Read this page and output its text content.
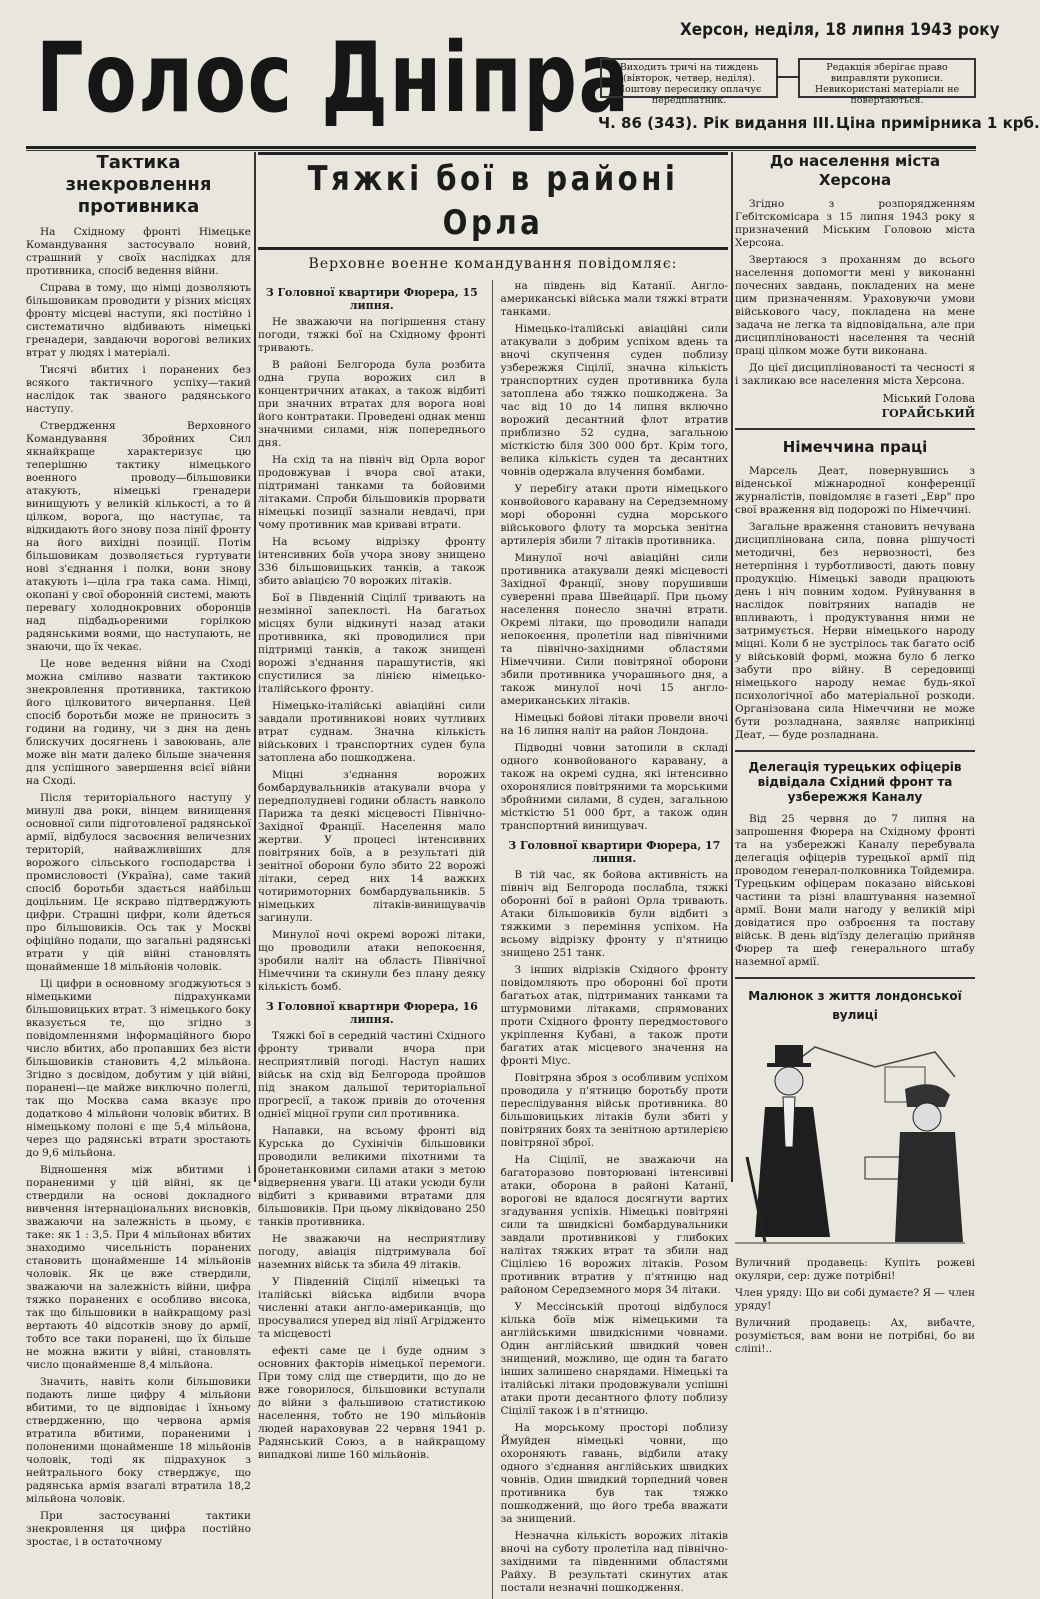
Голос Дніпра	Херсон, неділя, 18 липня 1943 року
Виходить тричі на тиждень (вівторок, четвер, неділя). Поштову пересилку оплачує передплатник.
Редакція зберігає право виправляти рукописи. Невикористані матеріали не повертаються.
Ч. 86 (343). Рік видання III. Ціна примірника 1 крб.
Тактика знекровлення противника

На Східному фронті Німецьке Командування застосувало новий, страшний у своїх наслідках для противника, спосіб ведення війни.

Справа в тому, що німці дозволяють більшовикам проводити у різних місцях фронту місцеві наступи, які постійно і систематично відбивають німецькі гренадери, завдаючи ворогові великих втрат у людях і матеріалі.

Тисячі вбитих і поранених без всякого тактичного успіху—такий наслідок так званого радянського наступу.

Ствердження Верховного Командування Збройних Сил якнайкраще характеризує цю теперішню тактику німецького военного проводу—більшовики атакують, німецькі гренадери винищують у великій кількості, а то й цілком, ворога, що наступає, та відкидають його знову поза лінії фронту на його вихідні позиції. Потім більшовикам дозволяється гуртувати нові з'єднання і полки, вони знову атакують і—ціла гра така сама. Німці, окопані у свої оборонній системі, мають перевагу холоднокровних оборонців над підбадьореними горілкою радянськими воями, що наступають, не знаючи, що їх чекає.

Це нове ведення війни на Сході можна сміливо назвати тактикою знекровлення противника, тактикою його цілковитого вичерпання. Цей спосіб боротьби може не приносить з години на годину, чи з дня на день блискучих досягнень і завоювань, але може він мати далеко більше значення для успішного завершення всієї війни на Сході.

Після територіального наступу у минулі два роки, вінцем винищення основної сили підготовленої радянської армії, відбулося засвоєння величезних територій, найважливіших для ворожого сільського господарства і промисловості (Україна), саме такий спосіб боротьби здається найбільш доцільним. Це яскраво підтверджують цифри. Страшні цифри, коли йдеться про більшовиків. Ось так у Москві офіційно подали, що загальні радянські втрати у цій війні становлять щонайменше 18 мільйонів чоловік.

Ці цифри в основному згоджуються з німецькими підрахунками більшовицьких втрат. З німецького боку вказується те, що згідно з повідомленнями інформаційного бюро число вбитих, або пропавших без вісти більшовиків становить 4,2 мільйона. Згідно з досвідом, добутим у цій війні, поранені—це майже виключно полеглі, так що Москва сама вказує про додатково 4 мільйони чоловік вбитих. В німецькому полоні є ще 5,4 мільйона, через що радянські втрати зростають до 9,6 мільйона.

Відношення між вбитими і пораненими у цій війні, як це ствердили на основі докладного вивчення інтернаціональних висновків, зважаючи на залежність в цьому, є таке: як 1 : 3,5. При 4 мільйонах вбитих знаходимо чисельність поранених становить щонайменше 14 мільйонів чоловік. Як це вже ствердили, зважаючи на залежність війни, цифра тяжко поранених є особливо висока, так що більшовики в найкращому разі вертають 40 відсотків знову до армії, тобто все таки поранені, що їх більше не можна вжити у війні, становлять число щонайменше 8,4 мільйона.

Значить, навіть коли більшовики подають лише цифру 4 мільйони вбитими, то це відповідає і їхньому ствердженню, що червона армія втратила вбитими, пораненими і полоненими щонайменше 18 мільйонів чоловік, тоді як підрахунок з нейтрального боку стверджує, що радянська армія взагалі втратила 18,2 мільйона чоловік.

При застосуванні тактики знекровлення ця цифра постійно зростає, і в остаточному

Тяжкі бої в районі Орла
Верховне военне командування повідомляє:
З Головної квартири Фюрера, 15 липня.

Не зважаючи на погіршення стану погоди, тяжкі бої на Східному фронті тривають.

В районі Белгорода була розбита одна група ворожих сил в концентричних атаках, а також відбиті при значних втратах для ворога нові його контратаки. Проведені однак менш значними силами, ніж попереднього дня.

На схід та на північ від Орла ворог продовжував і вчора свої атаки, підтримані танками та бойовими літаками. Спроби більшовиків прорвати німецькі позиції зазнали невдачі, при чому противник мав криваві втрати.

На всьому відрізку фронту інтенсивних боїв учора знову знищено 336 більшовицьких танків, а також збито авіацією 70 ворожих літаків.

Бої в Південній Сіцілії тривають на незмінної запеклості. На багатьох місцях були відкинуті назад атаки противника, які проводилися при підтримці танків, а також знищені ворожі з'єднання парашутистів, які спустилися за лінією німецько-італійського фронту.

Німецько-італійські авіаційні сили завдали противникові нових чутливих втрат суднам. Значна кількість військових і транспортних суден була затоплена або пошкоджена.

Міцні з'єднання ворожих бомбардувальників атакували вчора у передполудневі години область навколо Парижа та деякі місцевості Північно-Західної Франції. Населення мало жертви. У процесі інтенсивних повітряних боїв, а в результаті дій зенітної оборони було збито 22 ворожі літаки, серед них 14 важких чотиримоторних бомбардувальників. 5 німецьких літаків-винищувачів загинули.

Минулої ночі окремі ворожі літаки, що проводили атаки непокоєння, зробили наліт на область Північної Німеччини та скинули без плану деяку кількість бомб.

З Головної квартири Фюрера, 16 липня.

Тяжкі бої в середній частині Східного фронту тривали вчора при несприятливій погоді. Наступ наших військ на схід від Белгорода пройшов під знаком дальшої територіальної прогресії, а також привів до оточення однієї міцної групи сил противника.

Напавки, на всьому фронті від Курська до Сухінічів більшовики проводили великими піхотними та бронетанковими силами атаки з метою відвернення уваги. Ці атаки усюди були відбиті з кривавими втратами для більшовиків. При цьому ліквідовано 250 танків противника.

Не зважаючи на несприятливу погоду, авіація підтримувала бої наземних військ та збила 49 літаків.

У Південній Сіцілії німецькі та італійські війська відбили вчора численні атаки англо-американців, що просувалися уперед від лінії Агрідженто та місцевості

ефекті саме це і буде одним з основних факторів німецької перемоги. При тому слід ще ствердити, що до не вже говорилося, більшовики вступали до війни з фальшивою статистикою населення, тобто не 190 мільйонів людей нараховував 22 червня 1941 р. Радянський Союз, а в найкращому випадкові лише 160 мільйонів.

на південь від Катанії. Англо-американські війська мали тяжкі втрати танками.

Німецько-італійські авіаційні сили атакували з добрим успіхом вдень та вночі скупчення суден поблизу узбережжя Сіцілії, значна кількість транспортних суден противника була затоплена або тяжко пошкоджена. За час від 10 до 14 липня включно ворожий десантний флот втратив приблизно 52 судна, загальною місткістю біля 300 000 брт. Крім того, велика кількість суден та десантних човнів одержала влучення бомбами.

У перебігу атаки проти німецького конвойового каравану на Середземному морі оборонні судна морського військового флоту та морська зенітна артилерія збили 7 літаків противника.

Минулої ночі авіаційні сили противника атакували деякі місцевості Західної Франції, знову порушивши суверенні права Швейцарії. При цьому населення понесло значні втрати. Окремі літаки, що проводили напади непокоєння, пролетіли над північними та північно-західними областями Німеччини. Сили повітряної оборони збили противника учорашнього дня, а також минулої ночі 15 англо-американських літаків.

Німецькі бойові літаки провели вночі на 16 липня наліт на район Лондона.

Підводні човни затопили в складі одного конвойованого каравану, а також на окремі судна, які інтенсивно охоронялися повітряними та морськими збройними силами, 8 суден, загальною місткістю 51 000 брт, а також один транспортний винищувач.

З Головної квартири Фюрера, 17 липня.

В тій час, як бойова активність на північ від Белгорода послабла, тяжкі оборонні бої в районі Орла тривають. Атаки більшовиків були відбиті з тяжкими з переміння успіхом. На всьому відрізку фронту у п'ятницю знищено 251 танк.

З інших відрізків Східного фронту повідомляють про оборонні бої проти багатьох атак, підтриманих танками та штурмовими літаками, спрямованих проти Східного фронту передмостового укріплення Кубані, а також проти багатих атак місцевого значення на фронті Міус.

Повітряна зброя з особливим успіхом проводила у п'ятницю боротьбу проти переслідування військ противника. 80 більшовицьких літаків були збиті у повітряних боях та зенітною артилерією повітряної зброї.

На Сіцілії, не зважаючи на багаторазово повторювані інтенсивні атаки, оборона в районі Катанії, ворогові не вдалося досягнути вартих згадування успіхів. Німецькі повітряні сили та швидкісні бомбардувальники завдали противникові у глибоких налітах тяжких втрат та збили над Сіцілією 16 ворожих літаків. Розом противник втратив у п'ятницю над районом Середземного моря 34 літаки.

У Мессінській протоці відбулося кілька боїв між німецькими та англійськими швидкісними човнами. Один англійський швидкий човен знищений, можливо, ще один та багато інших залишено снарядами. Німецькі та італійські літаки продовжували успішні атаки проти десантного флоту поблизу Сіцілії також і в п'ятницю.

На морському просторі поблизу Ймуйден німецькі човни, що охороняють гавань, відбили атаку одного з'єднання англійських швидких човнів. Один швидкий торпедний човен противника був так тяжко пошкоджений, що його треба вважати за знищений.

Незначна кількість ворожих літаків вночі на суботу пролетіла над північно-західними та південними областями Райху. В результаті скинутих атак постали незначні пошкодження.

До населення міста Херсона

Згідно з розпорядженням Гебітскомісара з 15 липня 1943 року я призначений Міським Головою міста Херсона.

Звертаюся з проханням до всього населення допомогти мені у виконанні почесних завдань, покладених на мене цим призначенням. Ураховуючи умови військового часу, покладена на мене задача не легка та відповідальна, але при дисциплінованості населення та чесній праці цілком може бути виконана.

До цієї дисциплінованості та чесності я і закликаю все населення міста Херсона.

Міський Голова

ГОРАЙСЬКИЙ

Німеччина праці

Марсель Деат, повернувшись з віденської міжнародної конференції журналістів, повідомляє в газеті „Евр" про свої враження від подорожі по Німеччині.

Загальне враження становить нечувана дисциплінована сила, повна рішучості методичні, без нервозності, без нетерпіння і турботливості, дають повну продукцію. Німецькі заводи працюють день і ніч повним ходом. Руйнування в наслідок повітряних нападів не впливають, і продуктування ними не затримується. Нерви німецького народу міцні. Коли б не зустрілось так багато осіб у військовій формі, можна було б легко забути про війну. В середовищі німецького народу немає будь-якої психологічної або матеріальної розкоди. Організована сила Німеччини не може бути розладнана, заявляє наприкінці Деат, — буде розладнана.

Делегація турецьких офіцерів відвідала Східний фронт та узбережжя Каналу

Від 25 червня до 7 липня на запрошення Фюрера на Східному фронті та на узбережжі Каналу перебувала делегація офіцерів турецької армії під проводом генерал-полковника Тойдемира. Турецьким офіцерам показано військові частини та різні влаштування наземної армії. Вони мали нагоду у великій мірі довідатися про озброєння та поставу військ. В день від'їзду делегацію прийняв Фюрер та шеф генерального штабу наземної армії.

Малюнок з життя лондонської вулиці

Вуличний продавець: Купіть рожеві окуляри, сер: дуже потрібні!

Член уряду: Що ви собі думаєте? Я — член уряду!

Вуличний продавець: Ах, вибачте, розуміється, вам вони не потрібні, бо ви сліпі!..
